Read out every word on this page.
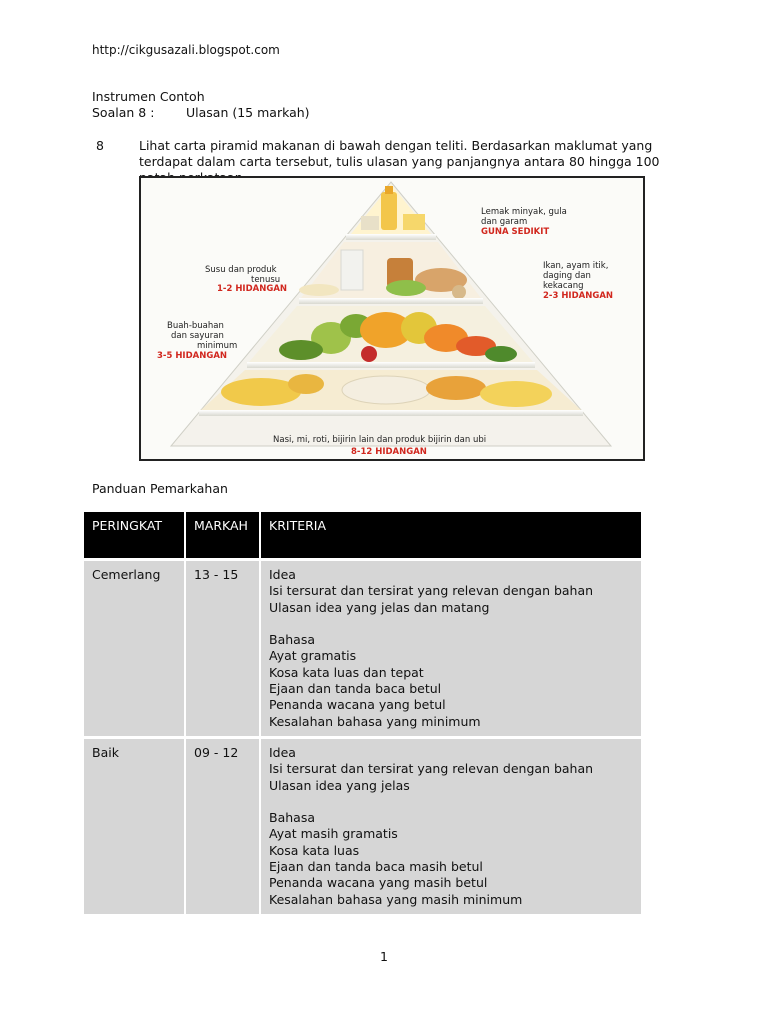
http://cikgusazali.blogspot.com
Instrumen Contoh
Soalan 8 :	Ulasan (15 markah)
8	Lihat carta piramid makanan di bawah dengan teliti. Berdasarkan maklumat yang terdapat dalam carta tersebut, tulis ulasan yang panjangnya antara 80 hingga 100
Lemak minyak, gula
dan garam
GUNA SEDIKIT
Susu dan produk
tenusu
1-2 HIDANGAN
Ikan, ayam itik,
daging dan
kekacang
2-3 HIDANGAN
Buah-buahan
dan sayuran
minimum
3-5 HIDANGAN
Nasi, mi, roti, bijirin lain dan produk bijirin dan ubi
8-12 HIDANGAN
Panduan Pemarkahan
PERINGKAT	MARKAH	KRITERIA
Cemerlang	13 - 15	Idea
Isi tersurat dan tersirat yang relevan dengan bahan
Ulasan idea yang jelas dan matang
Bahasa
Ayat gramatis
Kosa kata luas dan tepat
Ejaan dan tanda baca betul
Penanda wacana yang betul
Kesalahan bahasa yang minimum
Baik	09 - 12	Idea
Isi tersurat dan tersirat yang relevan dengan bahan
Ulasan idea yang jelas
Bahasa
Ayat masih gramatis
Kosa kata luas
Ejaan dan tanda baca masih betul
Penanda wacana yang masih betul
Kesalahan bahasa yang masih minimum
1
